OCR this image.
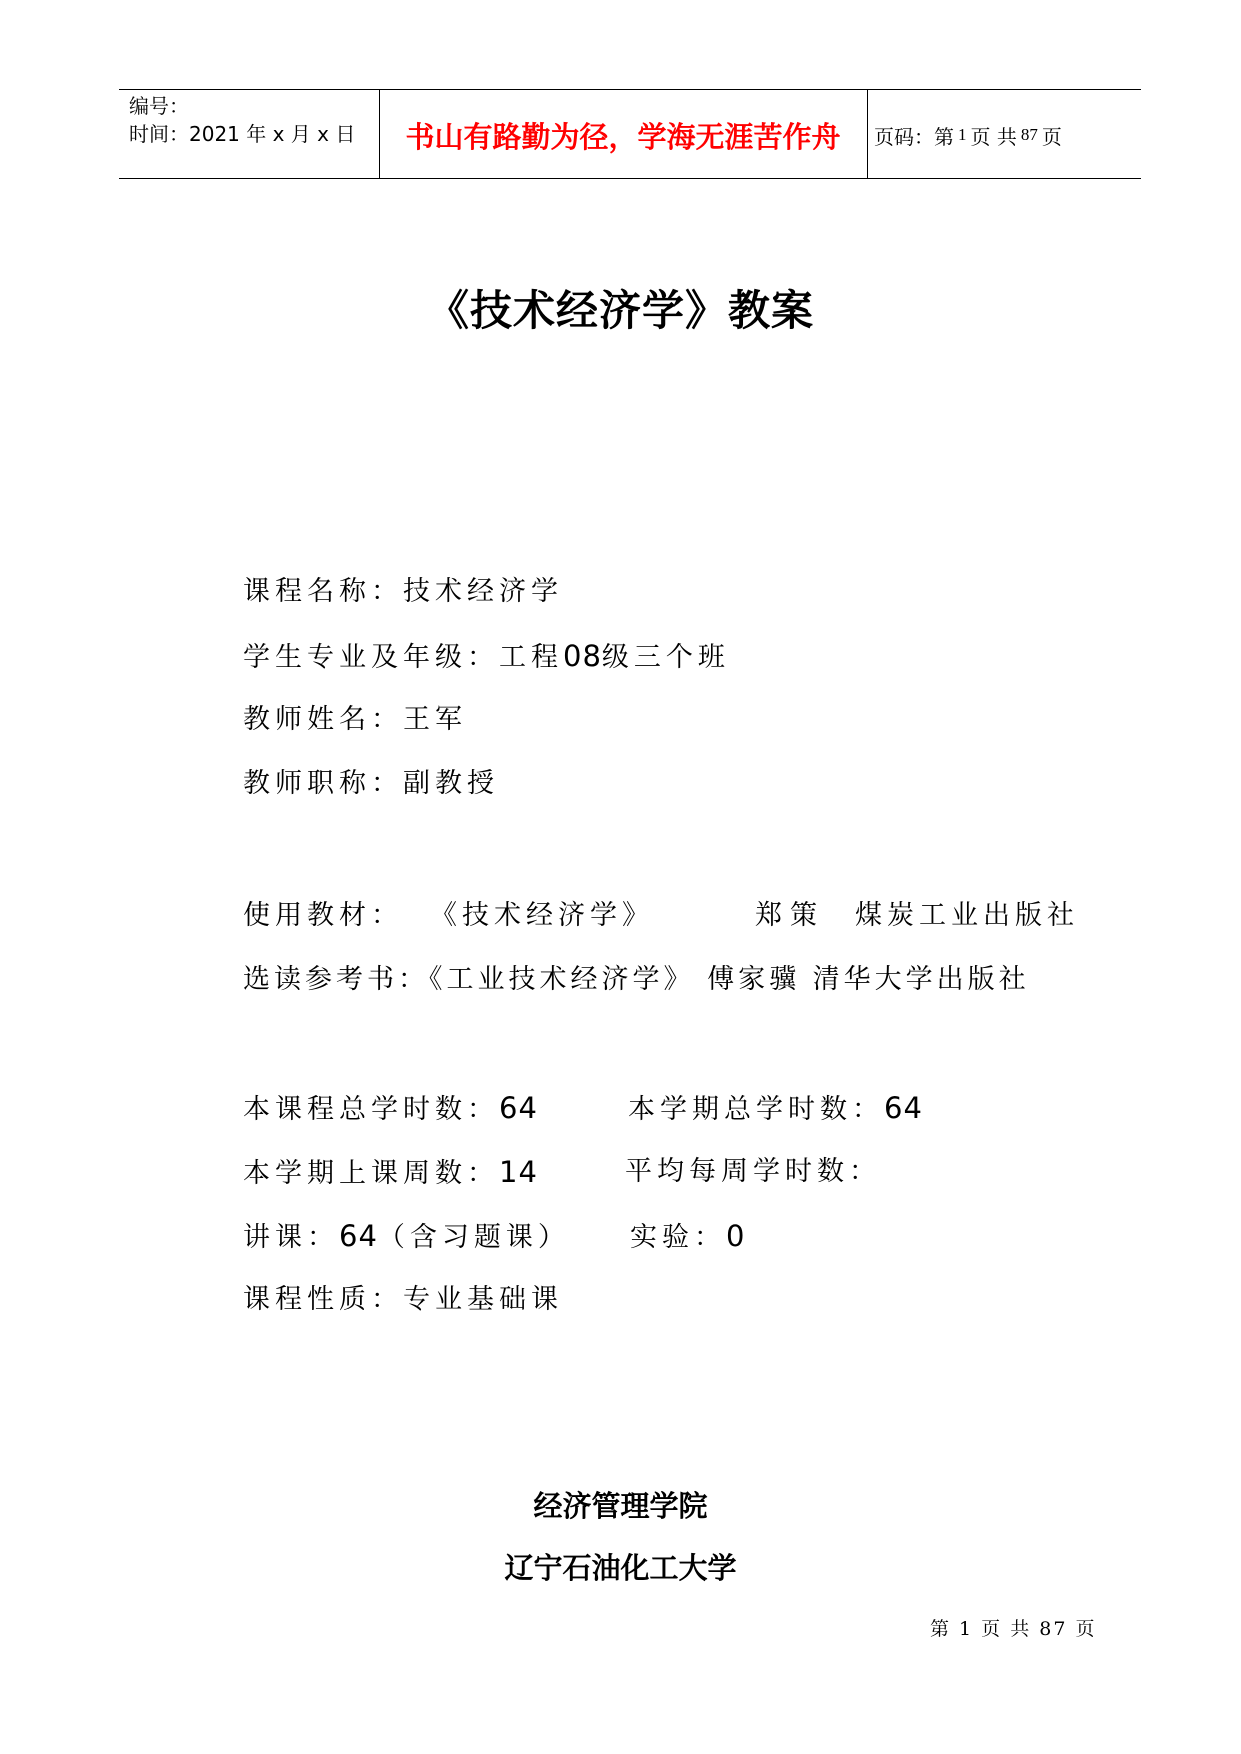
编号：
时间：2021 年 x 月 x 日	书山有路勤为径，学海无涯苦作舟	页码：第 1 页 共 87 页
《技术经济学》教案
课程名称：技术经济学
学生专业及年级：工程08级三个班
教师姓名：王军
教师职称：副教授
使用教材： 《技术经济学》	郑策 煤炭工业出版社
选读参考书：《工业技术经济学》 傅家骥 清华大学出版社
本课程总学时数：64	本学期总学时数：64
本学期上课周数：14	平均每周学时数：
讲课：64（含习题课） 实验：0
课程性质：专业基础课
经济管理学院
辽宁石油化工大学
第 1 页 共 87 页
